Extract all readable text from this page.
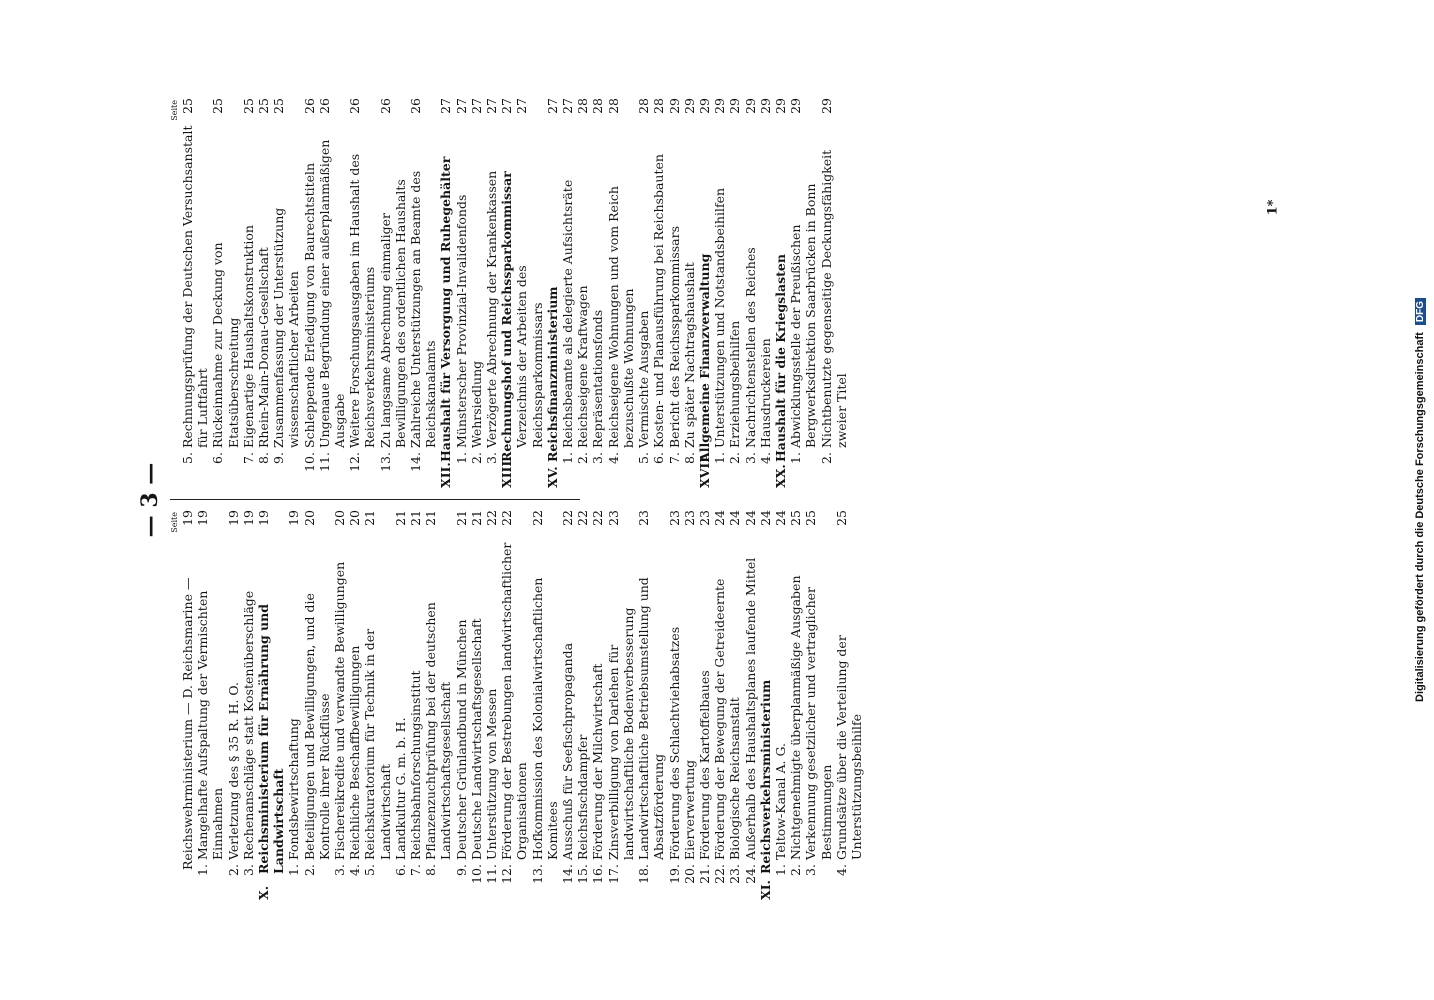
— 3 — Seite
Reichswehrministerium — D. Reichsmarine —
19
1.
Mangelhafte Aufspaltung der Vermischten Einnahmen
19
2.
Verletzung des § 35 R. H. O.
19
3.
Rechenanschläge statt Kostenüberschläge
19
X.
Reichsministerium für Ernährung und Landwirtschaft
19
1.
Fondsbewirtschaftung
19
2.
Beteiligungen und Bewilligungen, und die Kontrolle ihrer Rückflüsse
20
3.
Fischereikredite und verwandte Bewilligungen
20
4.
Reichliche Beschaffbewilligungen
20
5.
Reichskuratorium für Technik in der Landwirtschaft
21
6.
Landkultur G. m. b. H.
21
7.
Reichsbahnforschungsinstitut
21
8.
Pflanzenzuchtprüfung bei der deutschen Landwirtschaftsgesellschaft
21
9.
Deutscher Grünlandbund in München
21
10.
Deutsche Landwirtschaftsgesellschaft
21
11.
Unterstützung von Messen
22
12.
Förderung der Bestrebungen landwirtschaftlicher Organisationen
22
13.
Hofkommission des Kolonialwirtschaftlichen Komitees
22
14.
Ausschuß für Seefischpropaganda
22
15.
Reichsfischdampfer
22
16.
Förderung der Milchwirtschaft
22
17.
Zinsverbilligung von Darlehen für landwirtschaftliche Bodenverbesserung
23
18.
Landwirtschaftliche Betriebsumstellung und Absatzförderung
23
19.
Förderung des Schlachtviehabsatzes
23
20.
Eierverwertung
23
21.
Förderung des Kartoffelbaues
23
22.
Förderung der Bewegung der Getreideernte
24
23.
Biologische Reichsanstalt
24
24.
Außerhalb des Haushaltsplanes laufende Mittel
24
XI.
Reichsverkehrsministerium
24
1.
Teltow-Kanal A. G.
24
2.
Nichtgenehmigte überplanmäßige Ausgaben
25
3.
Verkennung gesetzlicher und vertraglicher Bestimmungen
25
4.
Grundsätze über die Verteilung der Unterstützungsbeihilfe
25
Seite
5.
Rechnungsprüfung der Deutschen Versuchsanstalt für Luftfahrt
25
6.
Rückeinnahme zur Deckung von Etatsüberschreitung
25
7.
Eigenartige Haushaltskonstruktion
25
8.
Rhein-Main-Donau-Gesellschaft
25
9.
Zusammenfassung der Unterstützung wissenschaftlicher Arbeiten
25
10.
Schleppende Erledigung von Baurechtstiteln
26
11.
Ungenaue Begründung einer außerplanmäßigen Ausgabe
26
12.
Weitere Forschungsausgaben im Haushalt des Reichsverkehrsministeriums
26
13.
Zu langsame Abrechnung einmaliger Bewilligungen des ordentlichen Haushalts
26
14.
Zahlreiche Unterstützungen an Beamte des Reichskanalamts
26
XII.
Haushalt für Versorgung und Ruhegehälter
27
1.
Münsterscher Provinzial-Invalidenfonds
27
2.
Wehrsiedlung
27
3.
Verzögerte Abrechnung der Krankenkassen
27
XIII.
Rechnungshof und Reichssparkommissar
27
Verzeichnis der Arbeiten des Reichssparkommissars
27
XV.
Reichsfinanzministerium
27
1.
Reichsbeamte als delegierte Aufsichtsräte
27
2.
Reichseigene Kraftwagen
28
3.
Repräsentationsfonds
28
4.
Reichseigene Wohnungen und vom Reich bezuschußte Wohnungen
28
5.
Vermischte Ausgaben
28
6.
Kosten- und Planausführung bei Reichsbauten
28
7.
Bericht des Reichssparkommissars
29
8.
Zu später Nachtragshaushalt
29
XVII.
Allgemeine Finanzverwaltung
29
1.
Unterstützungen und Notstandsbeihilfen
29
2.
Erziehungsbeihilfen
29
3.
Nachrichtenstellen des Reiches
29
4.
Hausdruckereien
29
XX.
Haushalt für die Kriegslasten
29
1.
Abwicklungsstelle der Preußischen Bergwerksdirektion Saarbrücken in Bonn
29
2.
Nichtbenutzte gegenseitige Deckungsfähigkeit zweier Titel
29
1*
Digitalisierung gefördert durch die Deutsche Forschungsgemeinschaft DFG
